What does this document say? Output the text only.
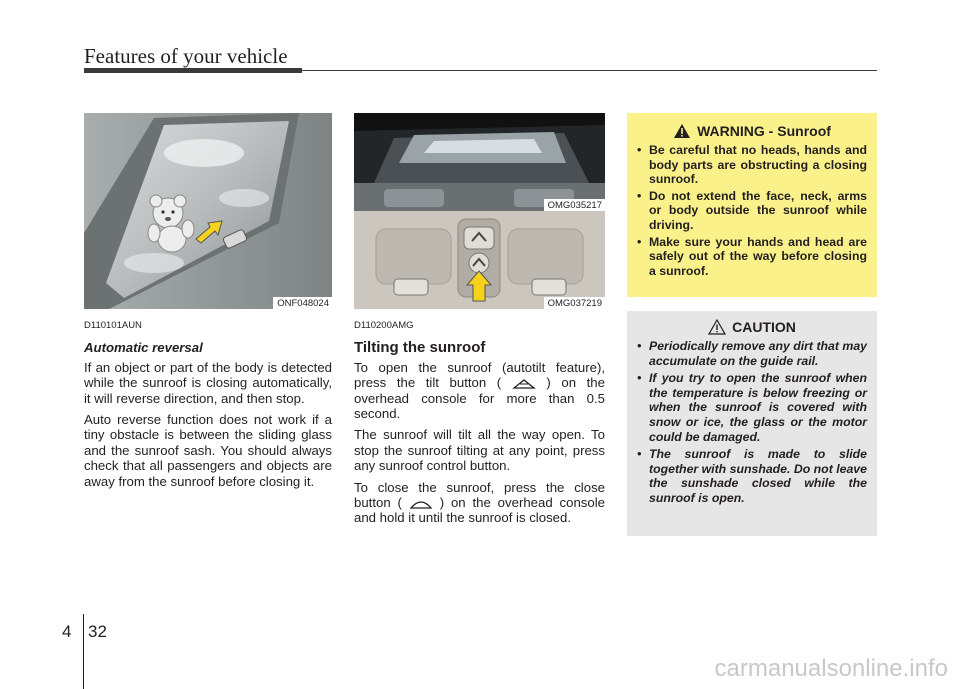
Features of your vehicle
ONF048024
OMG035217
OMG037219
D110101AUN
Automatic reversal

If an object or part of the body is detected while the sunroof is closing automatically, it will reverse direction, and then stop.

Auto reverse function does not work if a tiny obstacle is between the sliding glass and the sunroof sash. You should always check that all passengers and objects are away from the sunroof before closing it.

D110200AMG
Tilting the sunroof

To open the sunroof (autotilt feature), press the tilt button (	) on the overhead console for more than 0.5 second.

The sunroof will tilt all the way open. To stop the sunroof tilting at any point, press any sunroof control button.

To close the sunroof, press the close button (	) on the overhead console and hold it until the sunroof is closed.

WARNING - Sunroof
• Be careful that no heads, hands and body parts are obstructing a closing sunroof.
• Do not extend the face, neck, arms or body outside the sunroof while driving.
• Make sure your hands and head are safely out of the way before closing a sunroof.
CAUTION
• Periodically remove any dirt that may accumulate on the guide rail.
• If you try to open the sunroof when the temperature is below freezing or when the sunroof is covered with snow or ice, the glass or the motor could be damaged.
• The sunroof is made to slide together with sunshade. Do not leave the sunshade closed while the sunroof is open.
4 32
carmanualsonline.info
